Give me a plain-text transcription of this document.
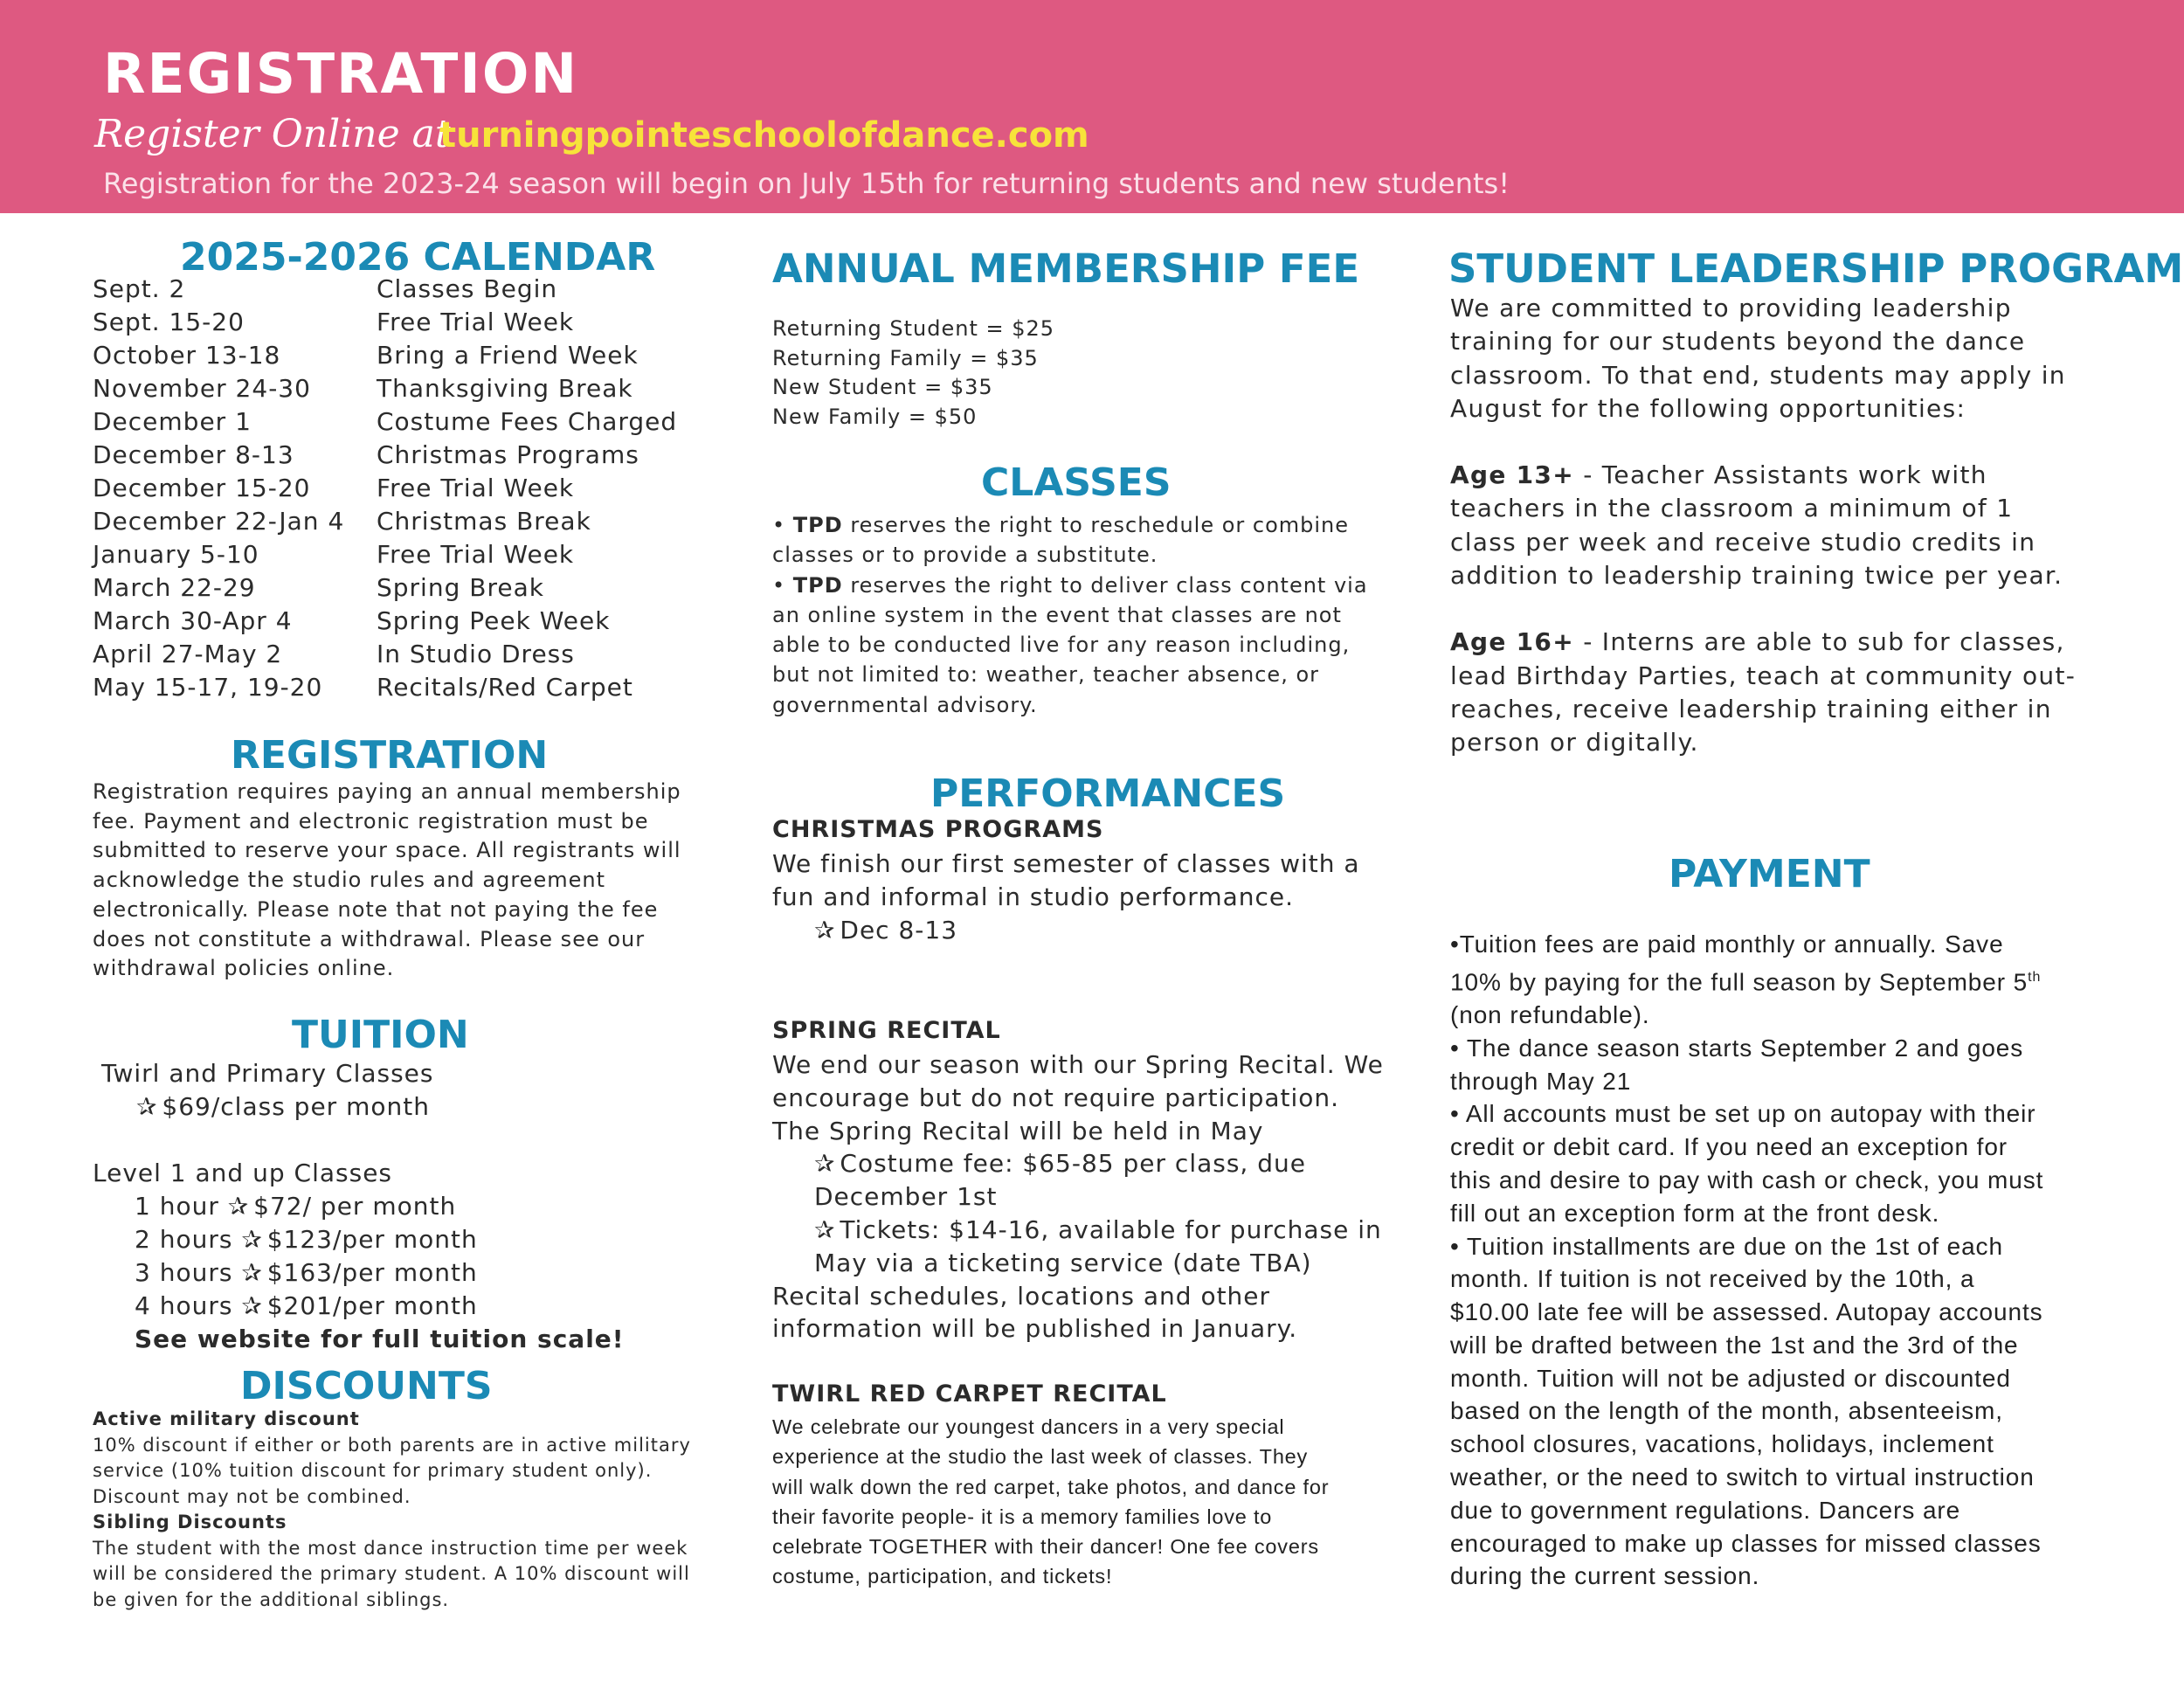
REGISTRATION
Register Online at
turningpointeschoolofdance.com
Registration for the 2023-24 season will begin on July 15th for returning students and new students!
2025-2026 CALENDAR
Sept. 2	Classes Begin
Sept. 15-20	Free Trial Week
October 13-18	Bring a Friend Week
November 24-30	Thanksgiving Break
December 1	Costume Fees Charged
December 8-13	Christmas Programs
December 15-20	Free Trial Week
December 22-Jan 4	Christmas Break
January 5-10	Free Trial Week
March 22-29	Spring Break
March 30-Apr 4	Spring Peek Week
April 27-May 2	In Studio Dress
May 15-17, 19-20	Recitals/Red Carpet
REGISTRATION
Registration requires paying an annual membership
fee. Payment and electronic registration must be
submitted to reserve your space. All registrants will
acknowledge the studio rules and agreement
electronically. Please note that not paying the fee
does not constitute a withdrawal. Please see our
withdrawal policies online.
TUITION
Twirl and Primary Classes
✰ $69/class per month
Level 1 and up Classes
1 hour ✰ $72/ per month
2 hours ✰ $123/per month
3 hours ✰ $163/per month
4 hours ✰ $201/per month
See website for full tuition scale!
DISCOUNTS
Active military discount
10% discount if either or both parents are in active military
service (10% tuition discount for primary student only).
Discount may not be combined.
Sibling Discounts
The student with the most dance instruction time per week
will be considered the primary student. A 10% discount will
be given for the additional siblings.
ANNUAL MEMBERSHIP FEE
Returning Student = $25
Returning Family = $35
New Student = $35
New Family = $50
CLASSES
• TPD reserves the right to reschedule or combine
classes or to provide a substitute.
• TPD reserves the right to deliver class content via
an online system in the event that classes are not
able to be conducted live for any reason including,
but not limited to: weather, teacher absence, or
governmental advisory.
PERFORMANCES
CHRISTMAS PROGRAMS
We finish our first semester of classes with a
fun and informal in studio performance.
✰ Dec 8-13
SPRING RECITAL
We end our season with our Spring Recital. We
encourage but do not require participation.
The Spring Recital will be held in May
✰ Costume fee: $65-85 per class, due
December 1st
✰ Tickets: $14-16, available for purchase in
May via a ticketing service (date TBA)
Recital schedules, locations and other
information will be published in January.
TWIRL RED CARPET RECITAL
We celebrate our youngest dancers in a very special
experience at the studio the last week of classes. They
will walk down the red carpet, take photos, and dance for
their favorite people- it is a memory families love to
celebrate TOGETHER with their dancer! One fee covers
costume, participation, and tickets!
STUDENT LEADERSHIP PROGRAM
We are committed to providing leadership
training for our students beyond the dance
classroom. To that end, students may apply in
August for the following opportunities:
Age 13+ - Teacher Assistants work with
teachers in the classroom a minimum of 1
class per week and receive studio credits in
addition to leadership training twice per year.
Age 16+ - Interns are able to sub for classes,
lead Birthday Parties, teach at community out-
reaches, receive leadership training either in
person or digitally.
PAYMENT
•Tuition fees are paid monthly or annually. Save
10% by paying for the full season by September 5th
(non refundable).
• The dance season starts September 2 and goes
through May 21
• All accounts must be set up on autopay with their
credit or debit card. If you need an exception for
this and desire to pay with cash or check, you must
fill out an exception form at the front desk.
• Tuition installments are due on the 1st of each
month. If tuition is not received by the 10th, a
$10.00 late fee will be assessed. Autopay accounts
will be drafted between the 1st and the 3rd of the
month. Tuition will not be adjusted or discounted
based on the length of the month, absenteeism,
school closures, vacations, holidays, inclement
weather, or the need to switch to virtual instruction
due to government regulations. Dancers are
encouraged to make up classes for missed classes
during the current session.
